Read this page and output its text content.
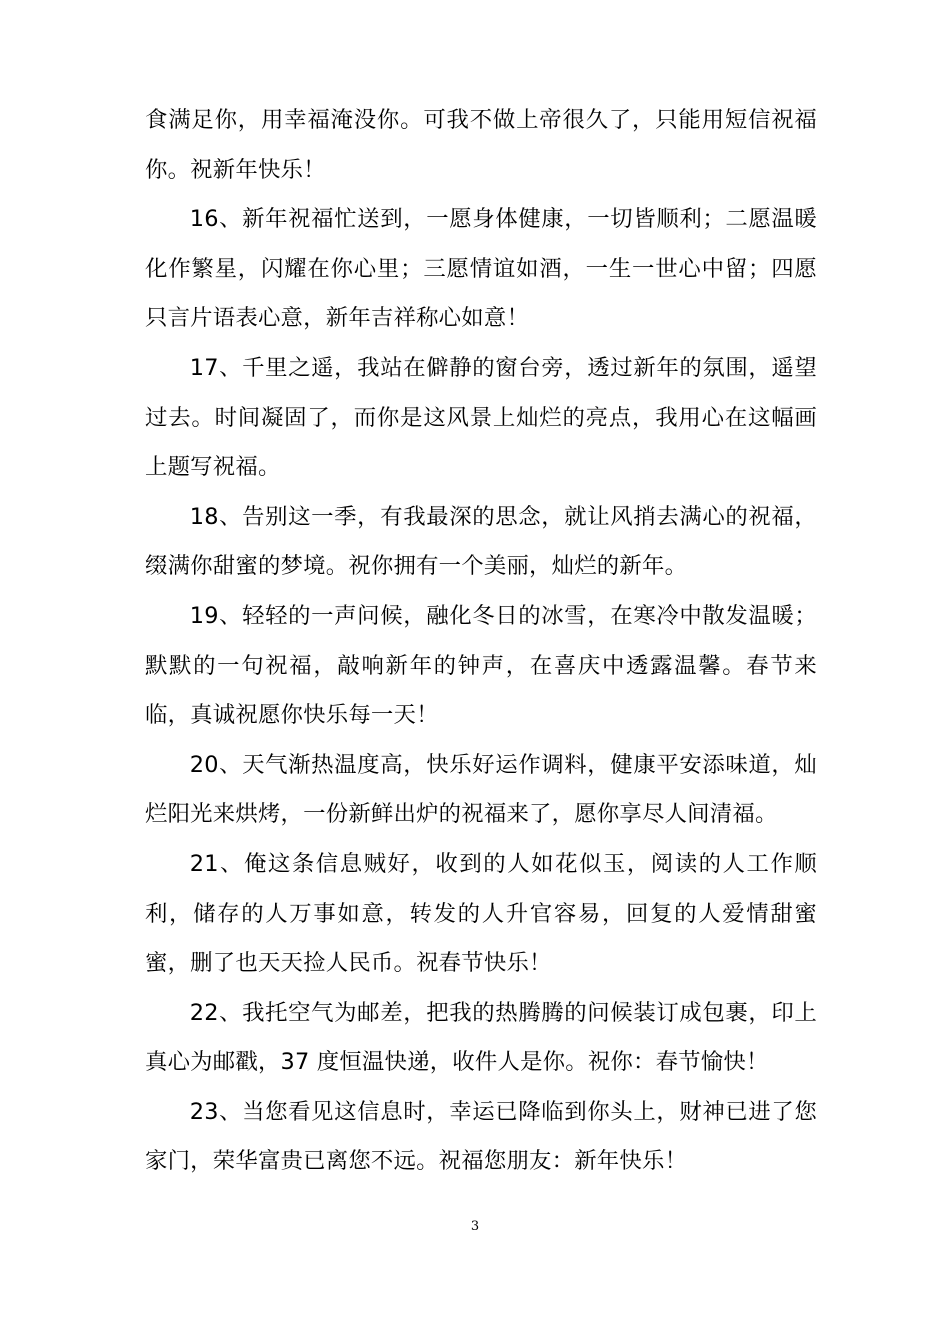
食满足你，用幸福淹没你。可我不做上帝很久了，只能用短信祝福你。祝新年快乐！

16、新年祝福忙送到，一愿身体健康，一切皆顺利；二愿温暖化作繁星，闪耀在你心里；三愿情谊如酒，一生一世心中留；四愿只言片语表心意，新年吉祥称心如意！

17、千里之遥，我站在僻静的窗台旁，透过新年的氛围，遥望过去。时间凝固了，而你是这风景上灿烂的亮点，我用心在这幅画上题写祝福。

18、告别这一季，有我最深的思念，就让风捎去满心的祝福，缀满你甜蜜的梦境。祝你拥有一个美丽，灿烂的新年。

19、轻轻的一声问候，融化冬日的冰雪，在寒冷中散发温暖；默默的一句祝福，敲响新年的钟声，在喜庆中透露温馨。春节来临，真诚祝愿你快乐每一天！

20、天气渐热温度高，快乐好运作调料，健康平安添味道，灿烂阳光来烘烤，一份新鲜出炉的祝福来了，愿你享尽人间清福。

21、俺这条信息贼好，收到的人如花似玉，阅读的人工作顺利，储存的人万事如意，转发的人升官容易，回复的人爱情甜蜜蜜，删了也天天捡人民币。祝春节快乐！

22、我托空气为邮差，把我的热腾腾的问候装订成包裹，印上真心为邮戳，37 度恒温快递，收件人是你。祝你：春节愉快！

23、当您看见这信息时，幸运已降临到你头上，财神已进了您家门，荣华富贵已离您不远。祝福您朋友：新年快乐！

3
